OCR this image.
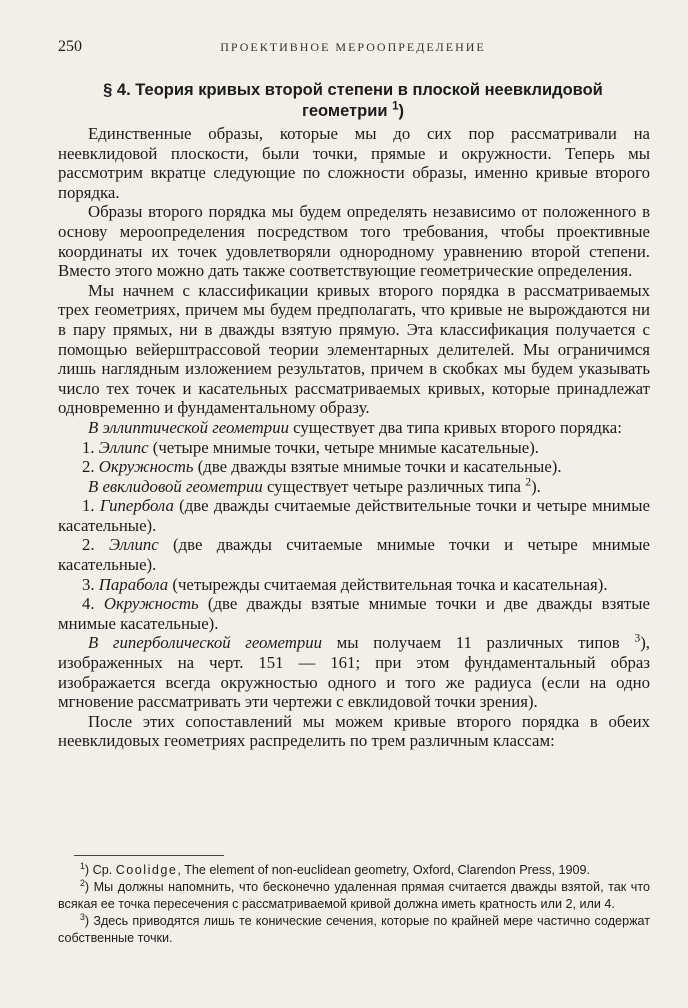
250	ПРОЕКТИВНОЕ МЕРООПРЕДЕЛЕНИЕ
§ 4. Теория кривых второй степени в плоской неевклидовой
геометрии $^1$)

Единственные образы, которые мы до сих пор рассматривали на неевклидовой плоскости, были точки, прямые и окружности. Теперь мы рассмотрим вкратце следующие по сложности образы, именно кривые второго порядка.

Образы второго порядка мы будем определять независимо от положенного в основу мероопределения посредством того требования, чтобы проективные координаты их точек удовлетворяли однородному уравнению второй степени. Вместо этого можно дать также соответствующие геометрические определения.

Мы начнем с классификации кривых второго порядка в рассматриваемых трех геометриях, причем мы будем предполагать, что кривые не вырождаются ни в пару прямых, ни в дважды взятую прямую. Эта классификация получается с помощью вейерштрассовой теории элементарных делителей. Мы ограничимся лишь наглядным изложением результатов, причем в скобках мы будем указывать число тех точек и касательных рассматриваемых кривых, которые принадлежат одновременно и фундаментальному образу.

В эллиптической геометрии существует два типа кривых второго порядка:

1. Эллипс (четыре мнимые точки, четыре мнимые касательные).

2. Окружность (две дважды взятые мнимые точки и касательные).

В евклидовой геометрии существует четыре различных типа $^2$).

1. Гипербола (две дважды считаемые действительные точки и четыре мнимые касательные).

2. Эллипс (две дважды считаемые мнимые точки и четыре мнимые касательные).

3. Парабола (четырежды считаемая действительная точка и касательная).

4. Окружность (две дважды взятые мнимые точки и две дважды взятые мнимые касательные).

В гиперболической геометрии мы получаем 11 различных типов $^3$), изображенных на черт. 151 — 161; при этом фундаментальный образ изображается всегда окружностью одного и того же радиуса (если на одно мгновение рассматривать эти чертежи с евклидовой точки зрения).

После этих сопоставлений мы можем кривые второго порядка в обеих неевклидовых геометриях распределить по трем различным классам:

$^1$) Ср. Coolidge, The element of non-euclidean geometry, Oxford, Clarendon Press, 1909.

$^2$) Мы должны напомнить, что бесконечно удаленная прямая считается дважды взятой, так что всякая ее точка пересечения с рассматриваемой кривой должна иметь кратность или 2, или 4.

$^3$) Здесь приводятся лишь те конические сечения, которые по крайней мере частично содержат собственные точки.
